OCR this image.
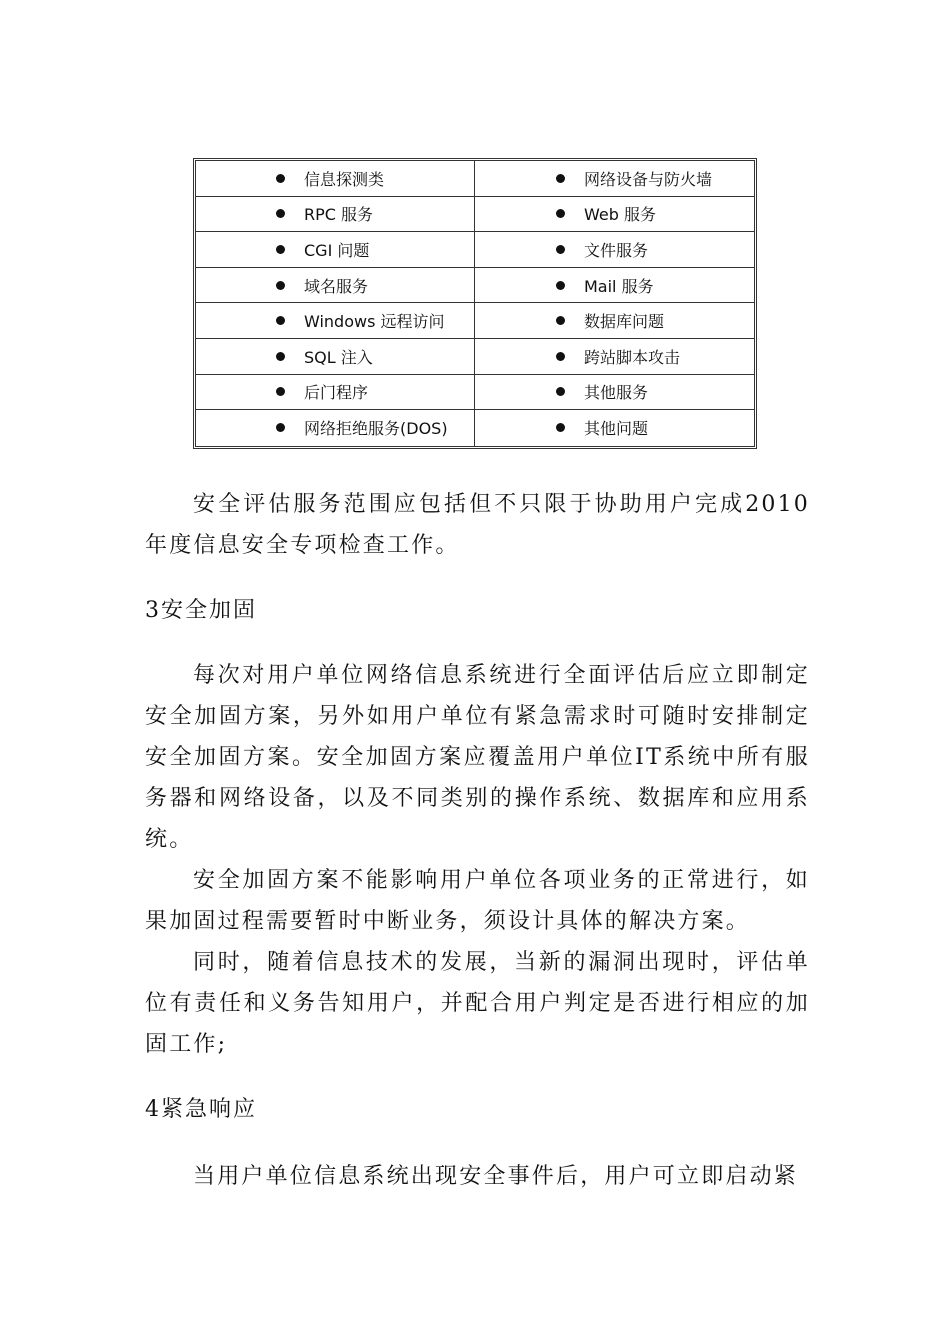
信息探测类	网络设备与防火墙
RPC 服务	Web 服务
CGI 问题	文件服务
域名服务	Mail 服务
Windows 远程访问	数据库问题
SQL 注入	跨站脚本攻击
后门程序	其他服务
网络拒绝服务(DOS)	其他问题

安全评估服务范围应包括但不只限于协助用户完成2010年度信息安全专项检查工作。

3安全加固

每次对用户单位网络信息系统进行全面评估后应立即制定安全加固方案，另外如用户单位有紧急需求时可随时安排制定安全加固方案。安全加固方案应覆盖用户单位IT系统中所有服务器和网络设备，以及不同类别的操作系统、数据库和应用系统。

安全加固方案不能影响用户单位各项业务的正常进行，如果加固过程需要暂时中断业务，须设计具体的解决方案。

同时，随着信息技术的发展，当新的漏洞出现时，评估单位有责任和义务告知用户，并配合用户判定是否进行相应的加固工作;

4紧急响应

当用户单位信息系统出现安全事件后，用户可立即启动紧
